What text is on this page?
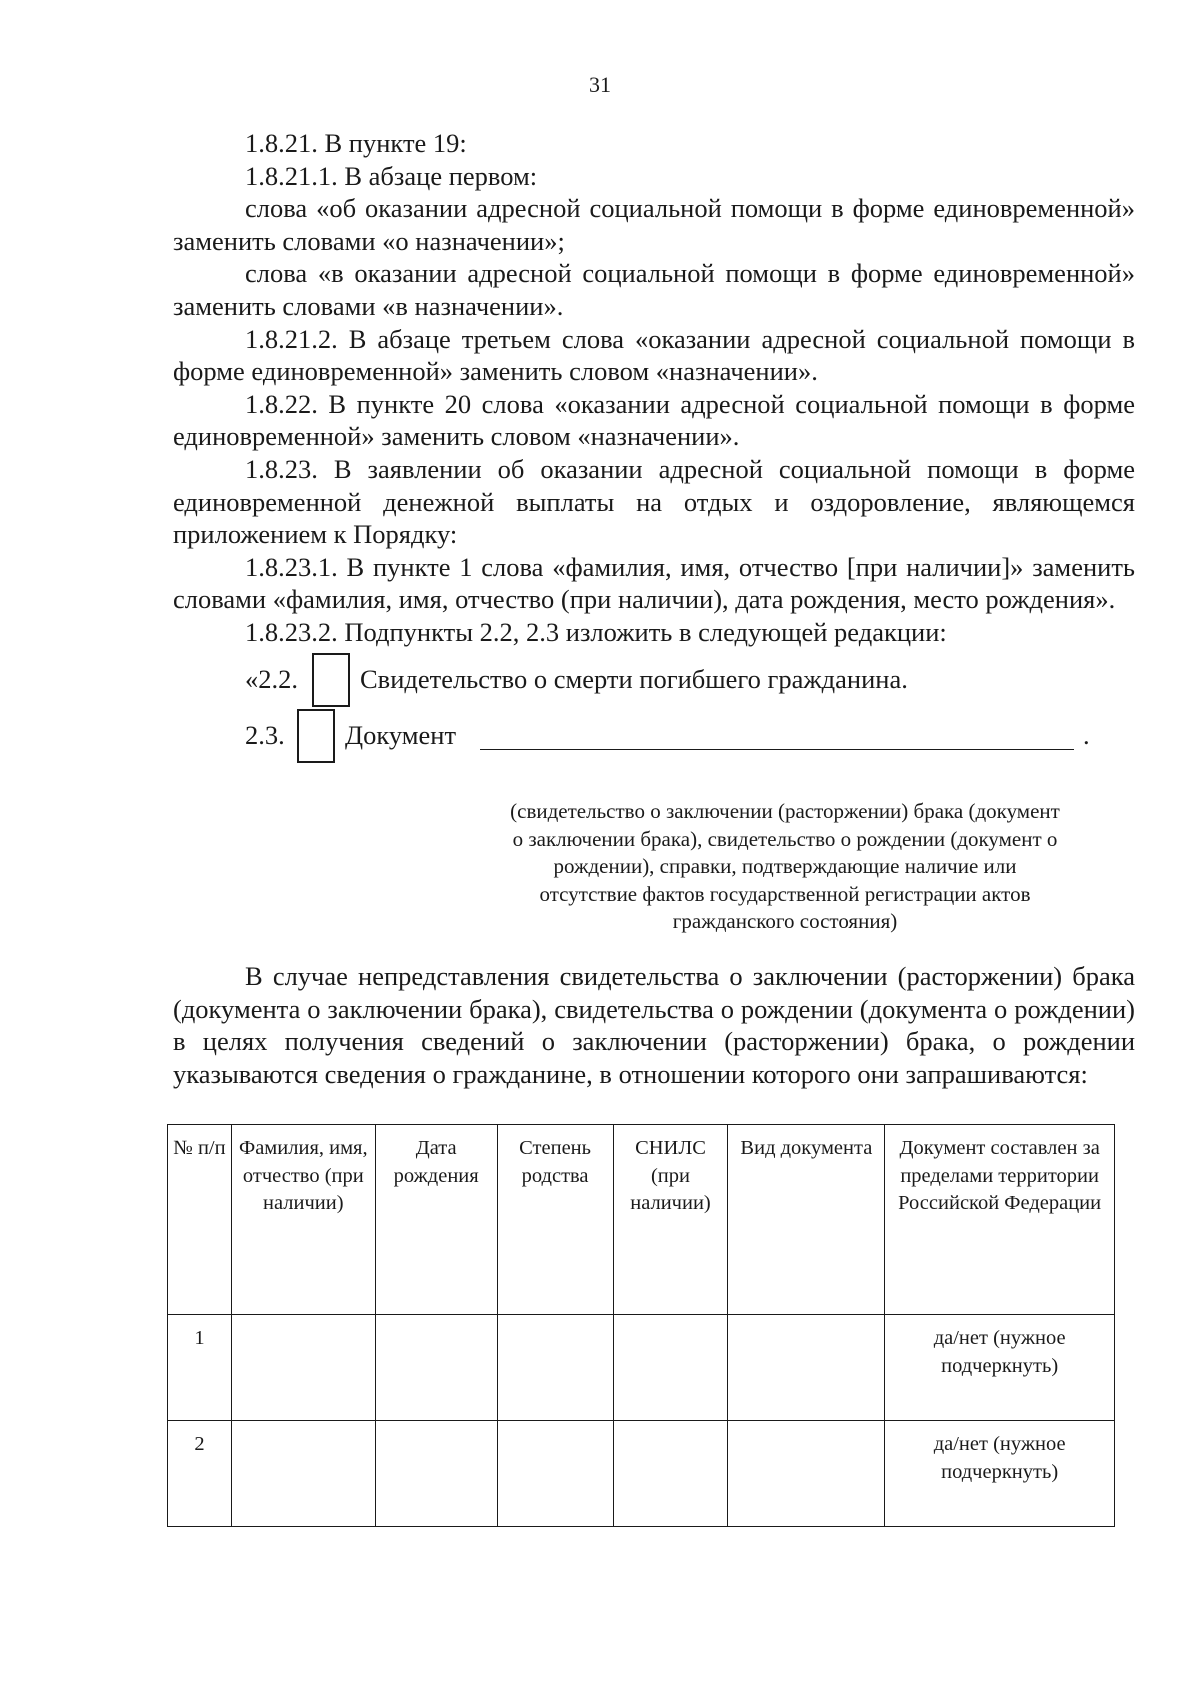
31

1.8.21. В пункте 19:

1.8.21.1. В абзаце первом:

слова «об оказании адресной социальной помощи в форме единовременной» заменить словами «о назначении»;

слова «в оказании адресной социальной помощи в форме единовременной» заменить словами «в назначении».

1.8.21.2. В абзаце третьем слова «оказании адресной социальной помощи в форме единовременной» заменить словом «назначении».

1.8.22. В пункте 20 слова «оказании адресной социальной помощи в форме единовременной» заменить словом «назначении».

1.8.23. В заявлении об оказании адресной социальной помощи в форме единовременной денежной выплаты на отдых и оздоровление, являющемся приложением к Порядку:

1.8.23.1. В пункте 1 слова «фамилия, имя, отчество [при наличии]» заменить словами «фамилия, имя, отчество (при наличии), дата рождения, место рождения».

1.8.23.2. Подпункты 2.2, 2.3 изложить в следующей редакции:

«2.2. Свидетельство о смерти погибшего гражданина.
2.3. Документ	.
(свидетельство о заключении (расторжении) брака (документ о заключении брака), свидетельство о рождении (документ о рождении), справки, подтверждающие наличие или отсутствие фактов государственной регистрации актов гражданского состояния)

В случае непредставления свидетельства о заключении (расторжении) брака (документа о заключении брака), свидетельства о рождении (документа о рождении) в целях получения сведений о заключении (расторжении) брака, о рождении указываются сведения о гражданине, в отношении которого они запрашиваются:

№ п/п	Фамилия, имя, отчество (при наличии)	Дата рождения	Степень родства	СНИЛС (при наличии)	Вид документа	Документ составлен за пределами территории Российской Федерации
1						да/нет (нужное подчеркнуть)
2						да/нет (нужное подчеркнуть)
